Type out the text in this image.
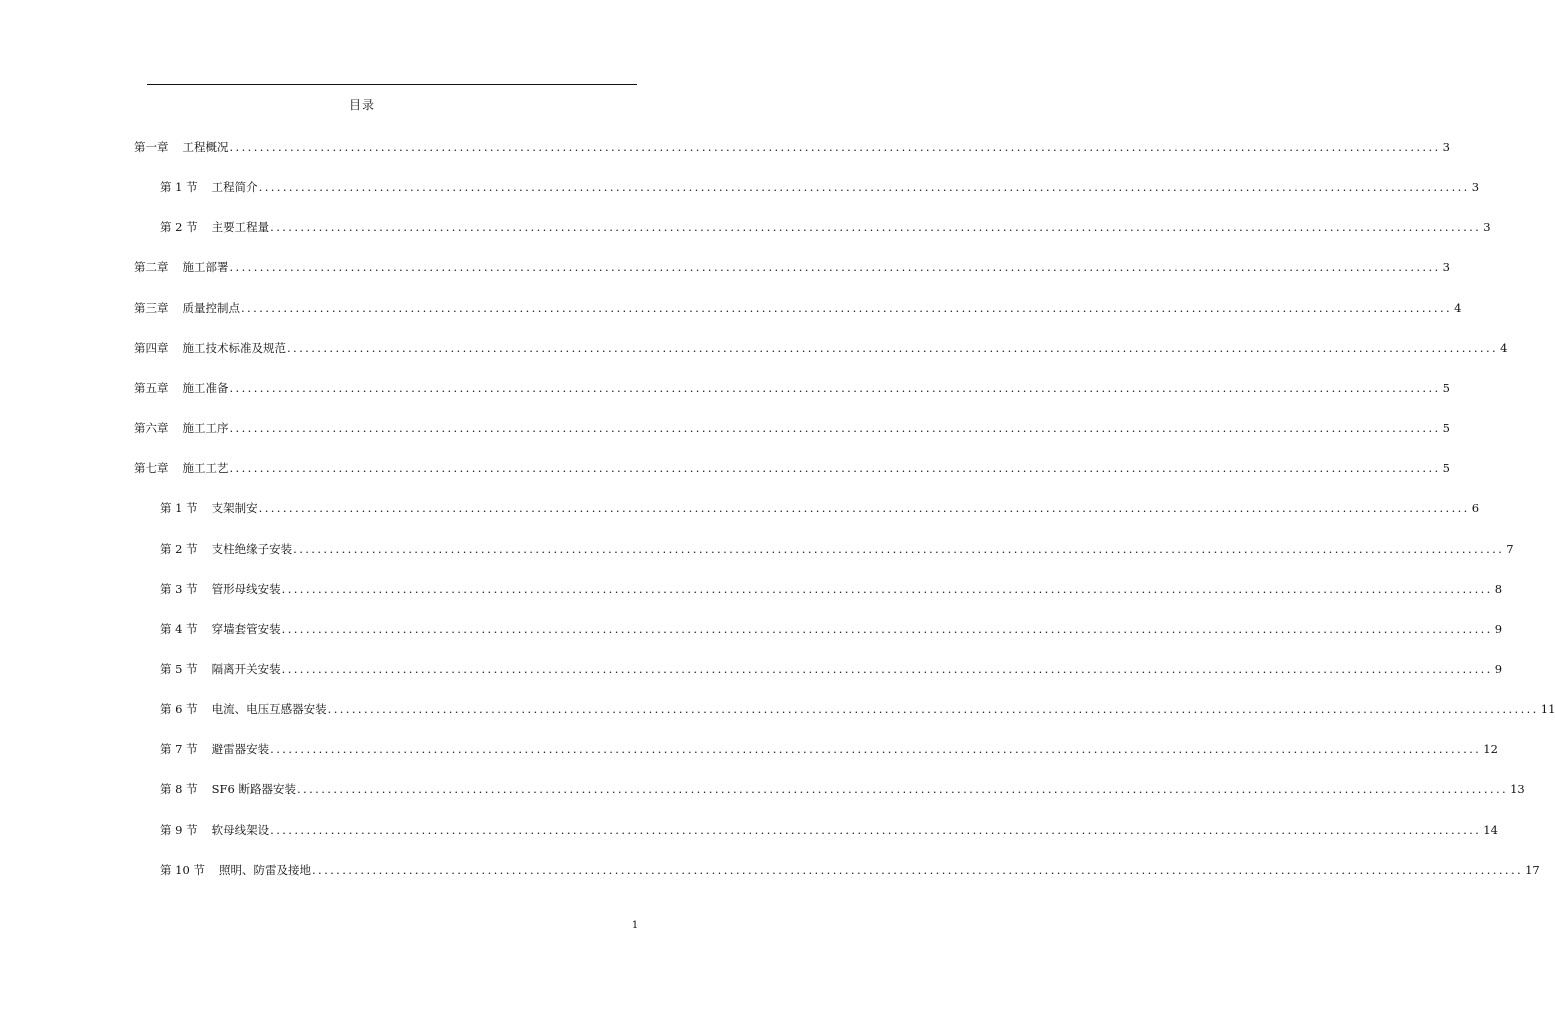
目录
第一章	工程概况 ........................................................................................................................................................................................................ 3
第 1 节	工程简介 ........................................................................................................................................................................................................ 3
第 2 节	主要工程量 ........................................................................................................................................................................................................ 3
第二章	施工部署 ........................................................................................................................................................................................................ 3
第三章	质量控制点 ........................................................................................................................................................................................................ 4
第四章	施工技术标准及规范 ........................................................................................................................................................................................................ 4
第五章	施工准备 ........................................................................................................................................................................................................ 5
第六章	施工工序 ........................................................................................................................................................................................................ 5
第七章	施工工艺 ........................................................................................................................................................................................................ 5
第 1 节	支架制安 ........................................................................................................................................................................................................ 6
第 2 节	支柱绝缘子安装 ........................................................................................................................................................................................................ 7
第 3 节	管形母线安装 ........................................................................................................................................................................................................ 8
第 4 节	穿墙套管安装 ........................................................................................................................................................................................................ 9
第 5 节	隔离开关安装 ........................................................................................................................................................................................................ 9
第 6 节	电流、电压互感器安装 ........................................................................................................................................................................................................ 11
第 7 节	避雷器安装 ........................................................................................................................................................................................................ 12
第 8 节	SF6 断路器安装 ........................................................................................................................................................................................................ 13
第 9 节	软母线架设 ........................................................................................................................................................................................................ 14
第 10 节	照明、防雷及接地 ........................................................................................................................................................................................................ 17
1
